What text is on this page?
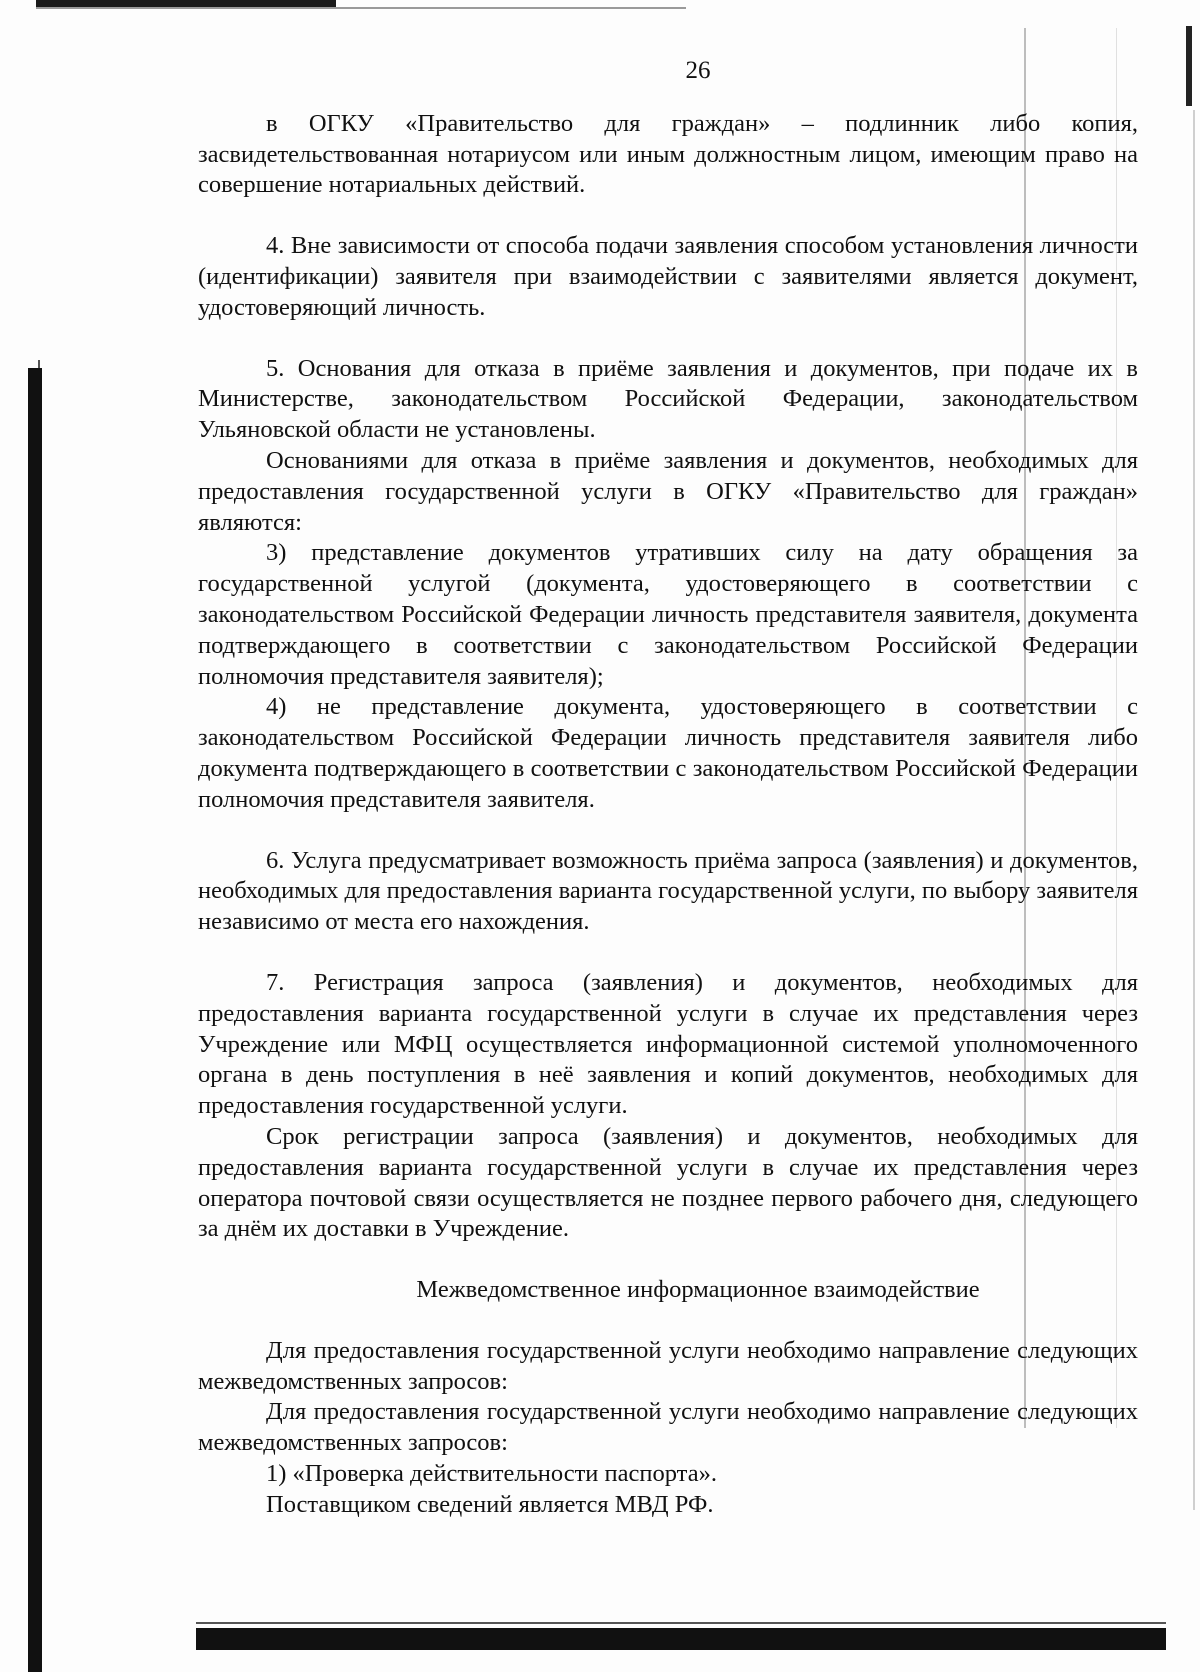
26

в ОГКУ «Правительство для граждан» – подлинник либо копия, засвидетельствованная нотариусом или иным должностным лицом, имеющим право на совершение нотариальных действий.

4. Вне зависимости от способа подачи заявления способом установления личности (идентификации) заявителя при взаимодействии с заявителями является документ, удостоверяющий личность.

5. Основания для отказа в приёме заявления и документов, при подаче их в Министерстве, законодательством Российской Федерации, законодательством Ульяновской области не установлены.

Основаниями для отказа в приёме заявления и документов, необходимых для предоставления государственной услуги в ОГКУ «Правительство для граждан» являются:

3) представление документов утративших силу на дату обращения за государственной услугой (документа, удостоверяющего в соответствии с законодательством Российской Федерации личность представителя заявителя, документа подтверждающего в соответствии с законодательством Российской Федерации полномочия представителя заявителя);

4) не представление документа, удостоверяющего в соответствии с законодательством Российской Федерации личность представителя заявителя либо документа подтверждающего в соответствии с законодательством Российской Федерации полномочия представителя заявителя.

6. Услуга предусматривает возможность приёма запроса (заявления) и документов, необходимых для предоставления варианта государственной услуги, по выбору заявителя независимо от места его нахождения.

7. Регистрация запроса (заявления) и документов, необходимых для предоставления варианта государственной услуги в случае их представления через Учреждение или МФЦ осуществляется информационной системой уполномоченного органа в день поступления в неё заявления и копий документов, необходимых для предоставления государственной услуги.

Срок регистрации запроса (заявления) и документов, необходимых для предоставления варианта государственной услуги в случае их представления через оператора почтовой связи осуществляется не позднее первого рабочего дня, следующего за днём их доставки в Учреждение.

Межведомственное информационное взаимодействие

Для предоставления государственной услуги необходимо направление следующих межведомственных запросов:

Для предоставления государственной услуги необходимо направление следующих межведомственных запросов:

1) «Проверка действительности паспорта».

Поставщиком сведений является МВД РФ.
